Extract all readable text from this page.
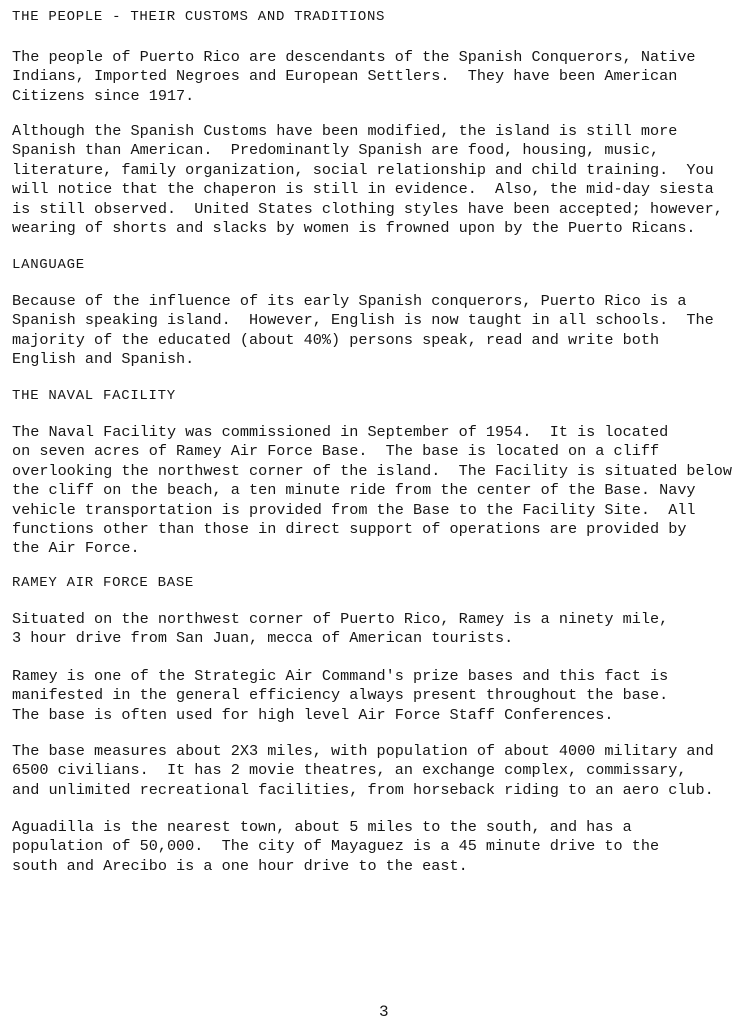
THE PEOPLE - THEIR CUSTOMS AND TRADITIONS
The people of Puerto Rico are descendants of the Spanish Conquerors, Native
Indians, Imported Negroes and European Settlers.  They have been American
Citizens since 1917.
Although the Spanish Customs have been modified, the island is still more
Spanish than American.  Predominantly Spanish are food, housing, music,
literature, family organization, social relationship and child training.  You
will notice that the chaperon is still in evidence.  Also, the mid-day siesta
is still observed.  United States clothing styles have been accepted; however,
wearing of shorts and slacks by women is frowned upon by the Puerto Ricans.
LANGUAGE
Because of the influence of its early Spanish conquerors, Puerto Rico is a
Spanish speaking island.  However, English is now taught in all schools.  The
majority of the educated (about 40%) persons speak, read and write both
English and Spanish.
THE NAVAL FACILITY
The Naval Facility was commissioned in September of 1954.  It is located
on seven acres of Ramey Air Force Base.  The base is located on a cliff
overlooking the northwest corner of the island.  The Facility is situated below
the cliff on the beach, a ten minute ride from the center of the Base. Navy
vehicle transportation is provided from the Base to the Facility Site.  All
functions other than those in direct support of operations are provided by
the Air Force.
RAMEY AIR FORCE BASE
Situated on the northwest corner of Puerto Rico, Ramey is a ninety mile,
3 hour drive from San Juan, mecca of American tourists.
Ramey is one of the Strategic Air Command's prize bases and this fact is
manifested in the general efficiency always present throughout the base.
The base is often used for high level Air Force Staff Conferences.
The base measures about 2X3 miles, with population of about 4000 military and
6500 civilians.  It has 2 movie theatres, an exchange complex, commissary,
and unlimited recreational facilities, from horseback riding to an aero club.
Aguadilla is the nearest town, about 5 miles to the south, and has a
population of 50,000.  The city of Mayaguez is a 45 minute drive to the
south and Arecibo is a one hour drive to the east.
3
